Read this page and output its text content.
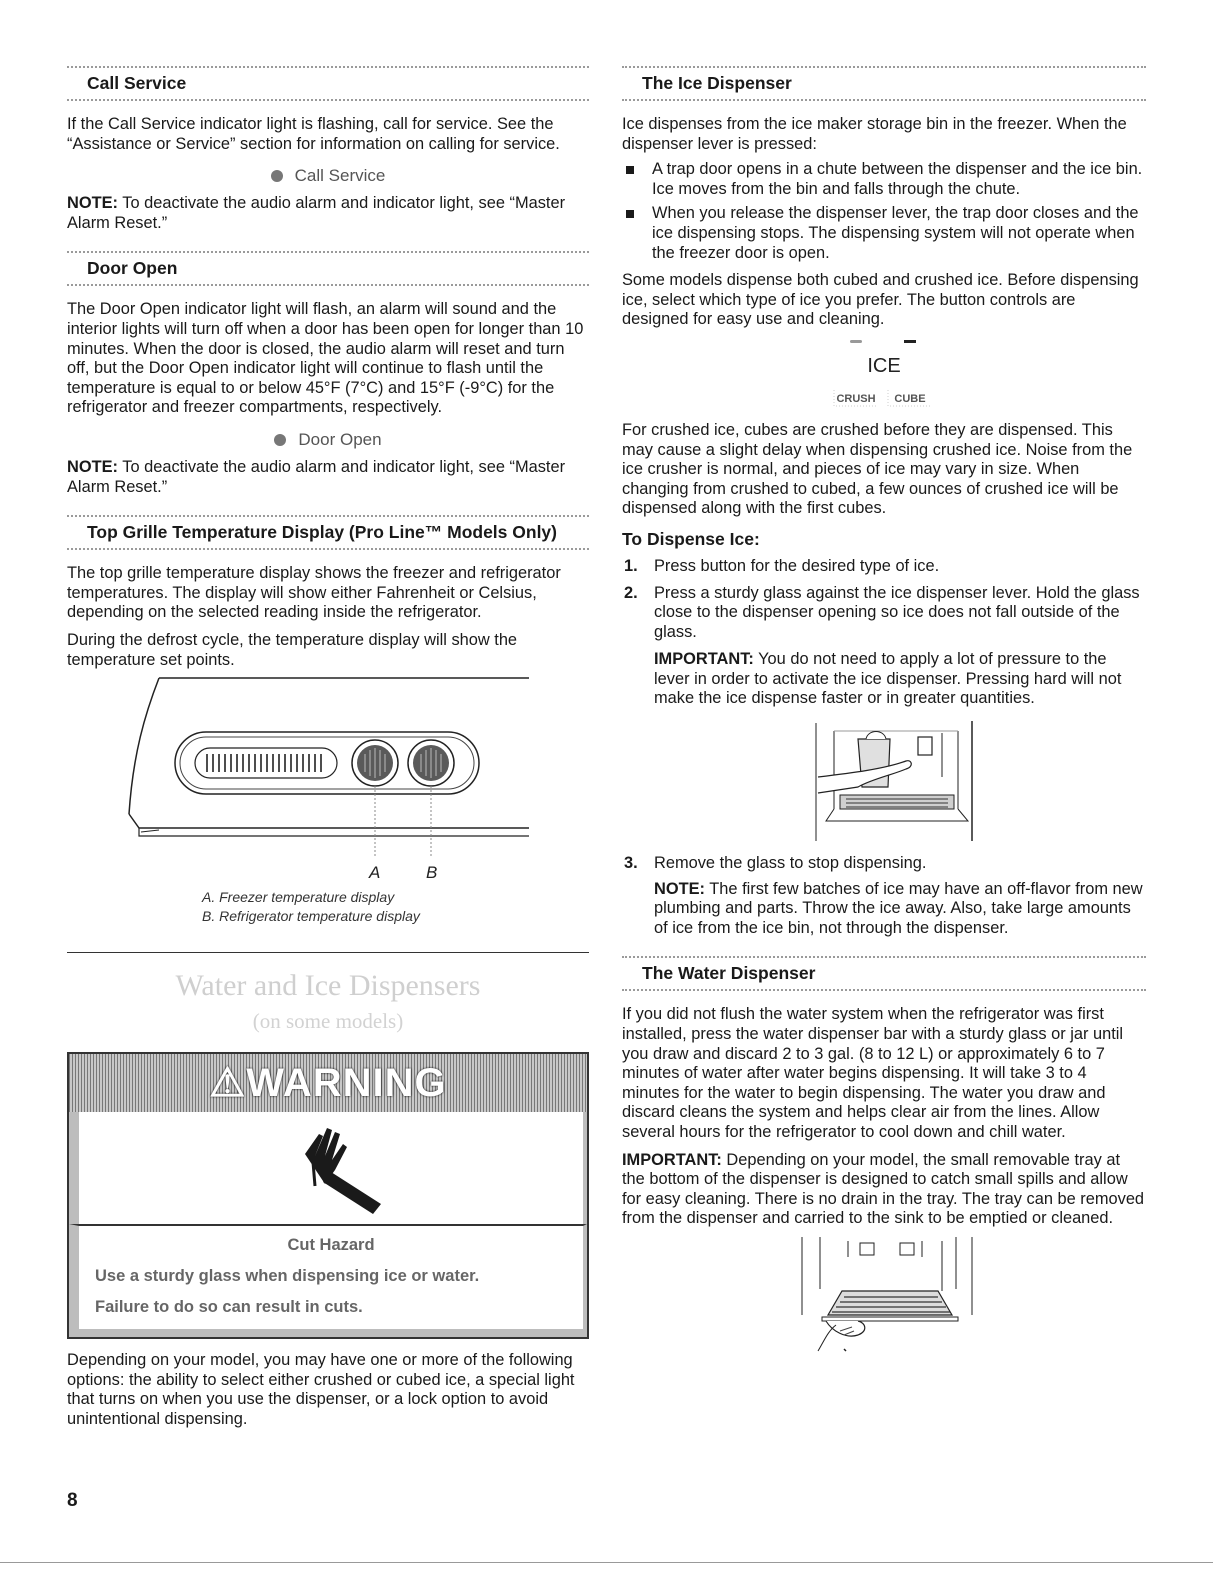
Call Service

If the Call Service indicator light is flashing, call for service. See the “Assistance or Service” section for information on calling for service.

Call Service

NOTE: To deactivate the audio alarm and indicator light, see “Master Alarm Reset.”

Door Open

The Door Open indicator light will flash, an alarm will sound and the interior lights will turn off when a door has been open for longer than 10 minutes. When the door is closed, the audio alarm will reset and turn off, but the Door Open indicator light will continue to flash until the temperature is equal to or below 45°F (7°C) and 15°F (-9°C) for the refrigerator and freezer compartments, respectively.

Door Open

NOTE: To deactivate the audio alarm and indicator light, see “Master Alarm Reset.”

Top Grille Temperature Display (Pro Line™ Models Only)

The top grille temperature display shows the freezer and refrigerator temperatures. The display will show either Fahrenheit or Celsius, depending on the selected reading inside the refrigerator.

During the defrost cycle, the temperature display will show the temperature set points.

A	B
A. Freezer temperature display
B. Refrigerator temperature display
Water and Ice Dispensers
(on some models)
⚠WARNING
Cut Hazard
Use a sturdy glass when dispensing ice or water.
Failure to do so can result in cuts.

Depending on your model, you may have one or more of the following options: the ability to select either crushed or cubed ice, a special light that turns on when you use the dispenser, or a lock option to avoid unintentional dispensing.

The Ice Dispenser

Ice dispenses from the ice maker storage bin in the freezer. When the dispenser lever is pressed:

A trap door opens in a chute between the dispenser and the ice bin. Ice moves from the bin and falls through the chute.
When you release the dispenser lever, the trap door closes and the ice dispensing stops. The dispensing system will not operate when the freezer door is open.

Some models dispense both cubed and crushed ice. Before dispensing ice, select which type of ice you prefer. The button controls are designed for easy use and cleaning.

ICE
CRUSH CUBE

For crushed ice, cubes are crushed before they are dispensed. This may cause a slight delay when dispensing crushed ice. Noise from the ice crusher is normal, and pieces of ice may vary in size. When changing from crushed to cubed, a few ounces of crushed ice will be dispensed along with the first cubes.

To Dispense Ice:
1. Press button for the desired type of ice.
2. Press a sturdy glass against the ice dispenser lever. Hold the glass close to the dispenser opening so ice does not fall outside of the glass.
IMPORTANT: You do not need to apply a lot of pressure to the lever in order to activate the ice dispenser. Pressing hard will not make the ice dispense faster or in greater quantities.
3. Remove the glass to stop dispensing.
NOTE: The first few batches of ice may have an off-flavor from new plumbing and parts. Throw the ice away. Also, take large amounts of ice from the ice bin, not through the dispenser.
The Water Dispenser

If you did not flush the water system when the refrigerator was first installed, press the water dispenser bar with a sturdy glass or jar until you draw and discard 2 to 3 gal. (8 to 12 L) or approximately 6 to 7 minutes of water after water begins dispensing. It will take 3 to 4 minutes for the water to begin dispensing. The water you draw and discard cleans the system and helps clear air from the lines. Allow several hours for the refrigerator to cool down and chill water.

IMPORTANT: Depending on your model, the small removable tray at the bottom of the dispenser is designed to catch small spills and allow for easy cleaning. There is no drain in the tray. The tray can be removed from the dispenser and carried to the sink to be emptied or cleaned.

8
